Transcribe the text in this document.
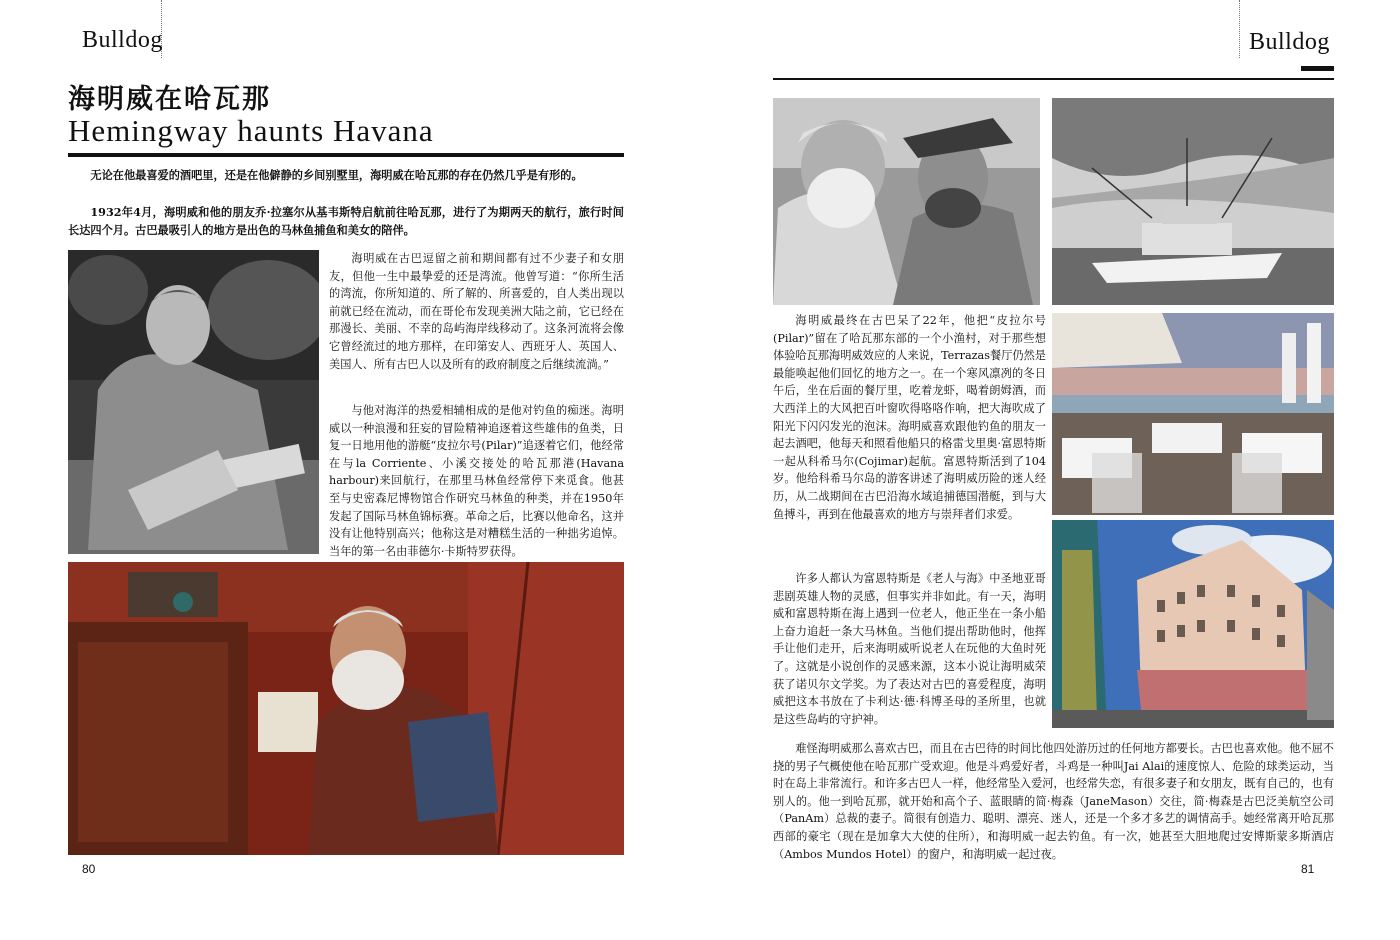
Bulldog
海明威在哈瓦那
Hemingway haunts Havana

无论在他最喜爱的酒吧里，还是在他僻静的乡间别墅里，海明威在哈瓦那的存在仍然几乎是有形的。

1932年4月，海明威和他的朋友乔·拉塞尔从基韦斯特启航前往哈瓦那，进行了为期两天的航行，旅行时间长达四个月。古巴最吸引人的地方是出色的马林鱼捕鱼和美女的陪伴。

海明威在古巴逗留之前和期间都有过不少妻子和女朋友，但他一生中最挚爱的还是湾流。他曾写道：“你所生活的湾流，你所知道的、所了解的、所喜爱的，自人类出现以前就已经在流动，而在哥伦布发现美洲大陆之前，它已经在那漫长、美丽、不幸的岛屿海岸线移动了。这条河流将会像它曾经流过的地方那样，在印第安人、西班牙人、英国人、美国人、所有古巴人以及所有的政府制度之后继续流淌。”

与他对海洋的热爱相辅相成的是他对钓鱼的痴迷。海明威以一种浪漫和狂妄的冒险精神追逐着这些雄伟的鱼类，日复一日地用他的游艇“皮拉尔号(Pilar)”追逐着它们，他经常在与la Corriente、小溪交接处的哈瓦那港(Havana harbour)来回航行，在那里马林鱼经常停下来觅食。他甚至与史密森尼博物馆合作研究马林鱼的种类，并在1950年发起了国际马林鱼锦标赛。革命之后，比赛以他命名，这并没有让他特别高兴；他称这是对糟糕生活的一种拙劣追悼。当年的第一名由菲德尔·卡斯特罗获得。

80
Bulldog

海明威最终在古巴呆了22年，他把“皮拉尔号(Pilar)”留在了哈瓦那东部的一个小渔村，对于那些想体验哈瓦那海明威效应的人来说，Terrazas餐厅仍然是最能唤起他们回忆的地方之一。在一个寒风凛冽的冬日午后，坐在后面的餐厅里，吃着龙虾，喝着朗姆酒，而大西洋上的大风把百叶窗吹得咯咯作响，把大海吹成了阳光下闪闪发光的泡沫。海明威喜欢跟他钓鱼的朋友一起去酒吧，他每天和照看他船只的格雷戈里奥·富恩特斯一起从科希马尔(Cojimar)起航。富恩特斯活到了104岁。他给科希马尔岛的游客讲述了海明威历险的迷人经历，从二战期间在古巴沿海水域追捕德国潜艇，到与大鱼搏斗，再到在他最喜欢的地方与崇拜者们求爱。

许多人都认为富恩特斯是《老人与海》中圣地亚哥悲剧英雄人物的灵感，但事实并非如此。有一天，海明威和富恩特斯在海上遇到一位老人，他正坐在一条小船上奋力追赶一条大马林鱼。当他们提出帮助他时，他挥手让他们走开，后来海明威听说老人在玩他的大鱼时死了。这就是小说创作的灵感来源，这本小说让海明威荣获了诺贝尔文学奖。为了表达对古巴的喜爱程度，海明威把这本书放在了卡利达·德·科博圣母的圣所里，也就是这些岛屿的守护神。

难怪海明威那么喜欢古巴，而且在古巴待的时间比他四处游历过的任何地方都要长。古巴也喜欢他。他不屈不挠的男子气概使他在哈瓦那广受欢迎。他是斗鸡爱好者，斗鸡是一种叫Jai Alai的速度惊人、危险的球类运动，当时在岛上非常流行。和许多古巴人一样，他经常坠入爱河，也经常失恋，有很多妻子和女朋友，既有自己的，也有别人的。他一到哈瓦那，就开始和高个子、蓝眼睛的简·梅森（JaneMason）交往，简·梅森是古巴泛美航空公司（PanAm）总裁的妻子。简很有创造力、聪明、漂亮、迷人，还是一个多才多艺的调情高手。她经常离开哈瓦那西部的豪宅（现在是加拿大大使的住所），和海明威一起去钓鱼。有一次，她甚至大胆地爬过安博斯蒙多斯酒店（Ambos Mundos Hotel）的窗户，和海明威一起过夜。

81
